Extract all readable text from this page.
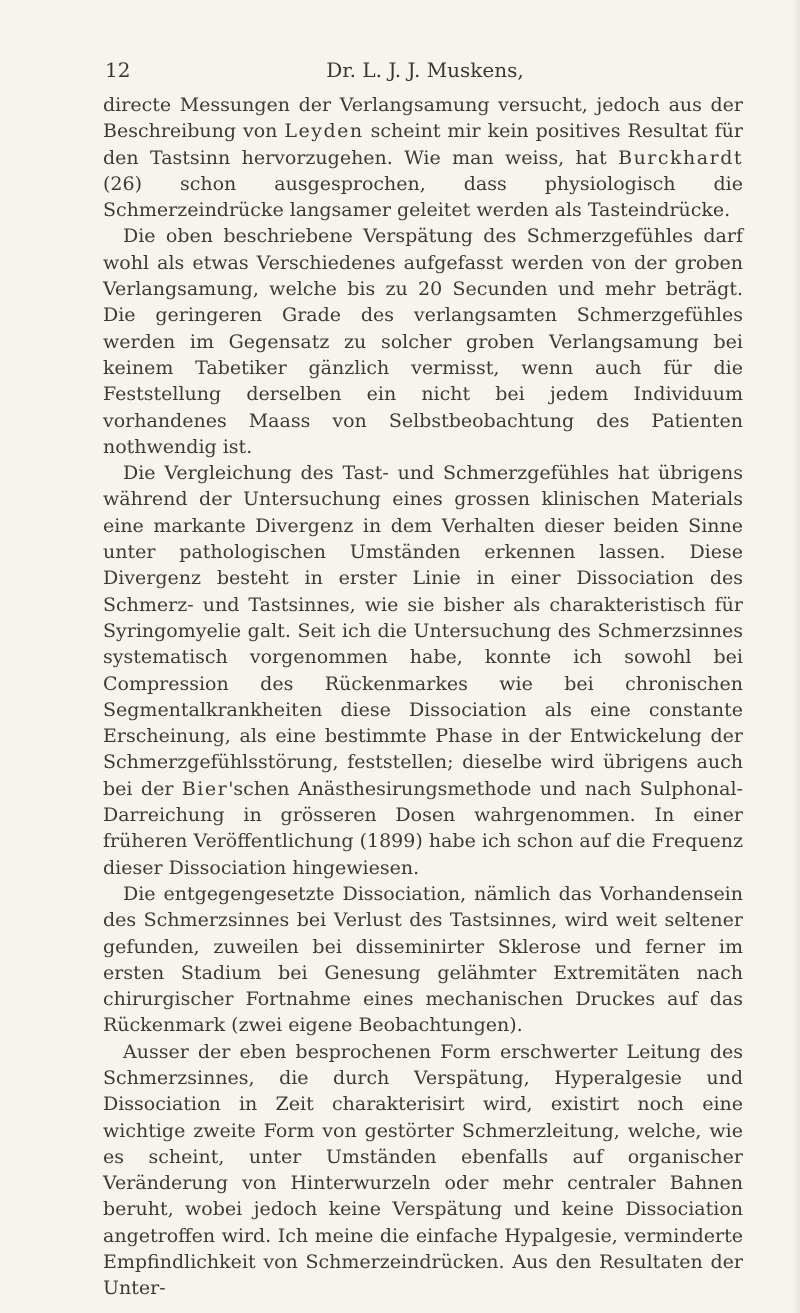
12	Dr. L. J. J. Muskens,

directe Messungen der Verlangsamung versucht, jedoch aus der Beschreibung von Leyden scheint mir kein positives Resultat für den Tastsinn hervorzugehen. Wie man weiss, hat Burckhardt (26) schon ausgesprochen, dass physiologisch die Schmerzeindrücke langsamer geleitet werden als Tasteindrücke.

Die oben beschriebene Verspätung des Schmerzgefühles darf wohl als etwas Verschiedenes aufgefasst werden von der groben Verlangsamung, welche bis zu 20 Secunden und mehr beträgt. Die geringeren Grade des verlangsamten Schmerzgefühles werden im Gegensatz zu solcher groben Verlangsamung bei keinem Tabetiker gänzlich vermisst, wenn auch für die Feststellung derselben ein nicht bei jedem Individuum vorhandenes Maass von Selbstbeobachtung des Patienten nothwendig ist.

Die Vergleichung des Tast- und Schmerzgefühles hat übrigens während der Untersuchung eines grossen klinischen Materials eine markante Divergenz in dem Verhalten dieser beiden Sinne unter pathologischen Umständen erkennen lassen. Diese Divergenz besteht in erster Linie in einer Dissociation des Schmerz- und Tastsinnes, wie sie bisher als charakteristisch für Syringomyelie galt. Seit ich die Untersuchung des Schmerzsinnes systematisch vorgenommen habe, konnte ich sowohl bei Compression des Rückenmarkes wie bei chronischen Segmentalkrankheiten diese Dissociation als eine constante Erscheinung, als eine bestimmte Phase in der Entwickelung der Schmerzgefühlsstörung, feststellen; dieselbe wird übrigens auch bei der Bier'schen Anästhesirungsmethode und nach Sulphonal-Darreichung in grösseren Dosen wahrgenommen. In einer früheren Veröffentlichung (1899) habe ich schon auf die Frequenz dieser Dissociation hingewiesen.

Die entgegengesetzte Dissociation, nämlich das Vorhandensein des Schmerzsinnes bei Verlust des Tastsinnes, wird weit seltener gefunden, zuweilen bei disseminirter Sklerose und ferner im ersten Stadium bei Genesung gelähmter Extremitäten nach chirurgischer Fortnahme eines mechanischen Druckes auf das Rückenmark (zwei eigene Beobachtungen).

Ausser der eben besprochenen Form erschwerter Leitung des Schmerzsinnes, die durch Verspätung, Hyperalgesie und Dissociation in Zeit charakterisirt wird, existirt noch eine wichtige zweite Form von gestörter Schmerzleitung, welche, wie es scheint, unter Umständen ebenfalls auf organischer Veränderung von Hinterwurzeln oder mehr centraler Bahnen beruht, wobei jedoch keine Verspätung und keine Dissociation angetroffen wird. Ich meine die einfache Hypalgesie, verminderte Empfindlichkeit von Schmerzeindrücken. Aus den Resultaten der Unter-
